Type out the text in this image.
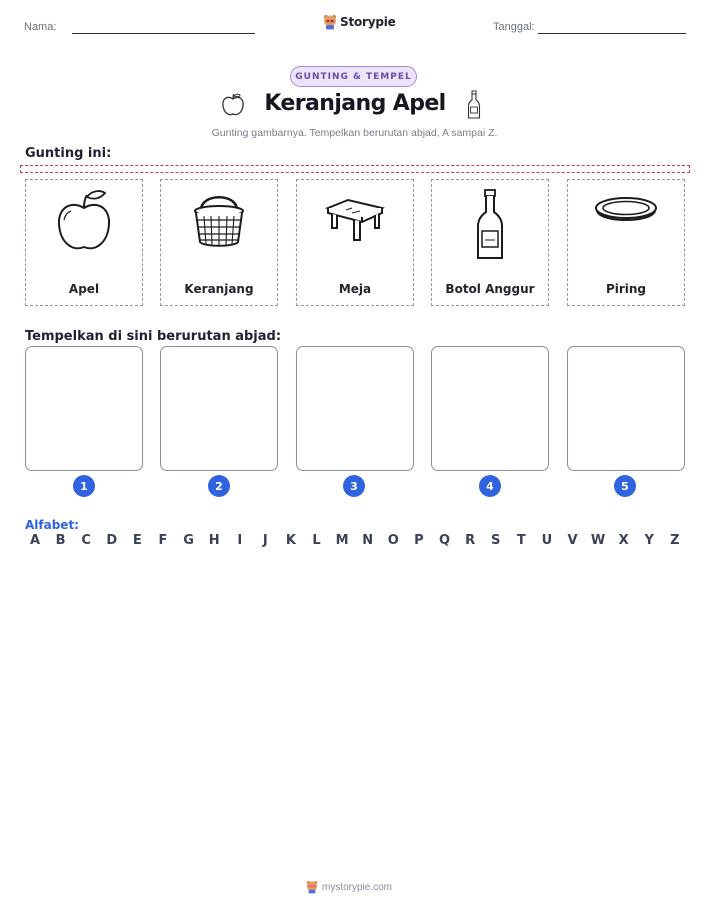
Nama:	Storypie	Tanggal:
GUNTING & TEMPEL
Keranjang Apel
Gunting gambarnya. Tempelkan berurutan abjad, A sampai Z.
Gunting ini:
Apel	Keranjang	Meja	Botol Anggur	Piring
Tempelkan di sini berurutan abjad:
1	2	3	4	5
Alfabet:
A	B	C	D	E	F	G	H	I	J	K	L	M	N	O	P	Q	R	S	T	U	V	W	X	Y	Z
mystorypie.com
